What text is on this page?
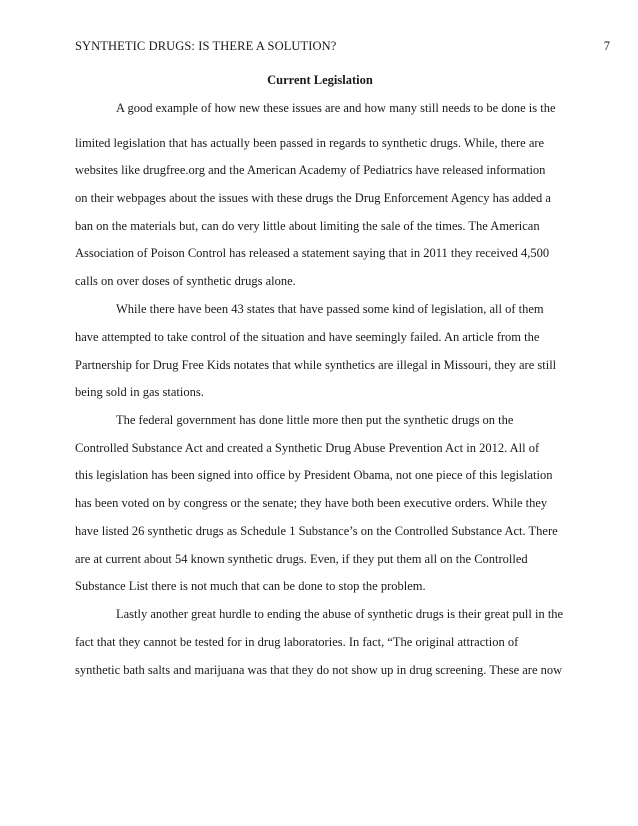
SYNTHETIC DRUGS: IS THERE A SOLUTION?	7
Current Legislation
A good example of how new these issues are and how many still needs to be done is the
limited legislation that has actually been passed in regards to synthetic drugs. While, there are
websites like drugfree.org and the American Academy of Pediatrics have released information
on their webpages about the issues with these drugs the Drug Enforcement Agency has added a
ban on the materials but, can do very little about limiting the sale of the times. The American
Association of Poison Control has released a statement saying that in 2011 they received 4,500
calls on over doses of synthetic drugs alone.
While there have been 43 states that have passed some kind of legislation, all of them
have attempted to take control of the situation and have seemingly failed. An article from the
Partnership for Drug Free Kids notates that while synthetics are illegal in Missouri, they are still
being sold in gas stations.
The federal government has done little more then put the synthetic drugs on the
Controlled Substance Act and created a Synthetic Drug Abuse Prevention Act in 2012. All of
this legislation has been signed into office by President Obama, not one piece of this legislation
has been voted on by congress or the senate; they have both been executive orders. While they
have listed 26 synthetic drugs as Schedule 1 Substance’s on the Controlled Substance Act. There
are at current about 54 known synthetic drugs. Even, if they put them all on the Controlled
Substance List there is not much that can be done to stop the problem.
Lastly another great hurdle to ending the abuse of synthetic drugs is their great pull in the
fact that they cannot be tested for in drug laboratories. In fact, “The original attraction of
synthetic bath salts and marijuana was that they do not show up in drug screening. These are now
